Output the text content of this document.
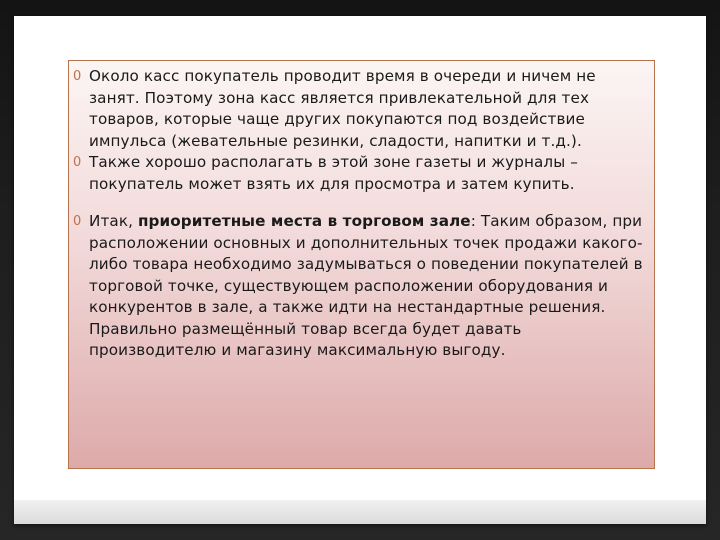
0 Около касс покупатель проводит время в очереди и ничем не занят. Поэтому зона касс является привлекательной для тех товаров, которые чаще других покупаются под воздействие импульса (жевательные резинки, сладости, напитки и т.д.).
0 Также хорошо располагать в этой зоне газеты и журналы – покупатель может взять их для просмотра и затем купить.
0 Итак, приоритетные места в торговом зале: Таким образом, при расположении основных и дополнительных точек продажи какого-либо товара необходимо задумываться о поведении покупателей в торговой точке, существующем расположении оборудования и конкурентов в зале, а также идти на нестандартные решения. Правильно размещённый товар всегда будет давать производителю и магазину максимальную выгоду.
